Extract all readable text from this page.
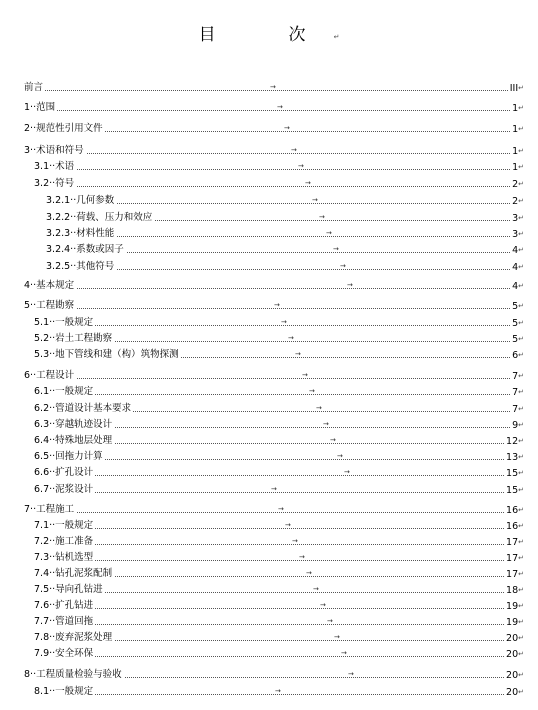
目　次↵
前言	III↵
→
1··范围	1↵
→
2··规范性引用文件	1↵
→
3··术语和符号	1↵
→
3.1··术语	1↵
→
3.2··符号	2↵
→
3.2.1··几何参数	2↵
→
3.2.2··荷载、压力和效应	3↵
→
3.2.3··材料性能	3↵
→
3.2.4··系数或因子	4↵
→
3.2.5··其他符号	4↵
→
4··基本规定	4↵
→
5··工程勘察	5↵
→
5.1··一般规定	5↵
→
5.2··岩土工程勘察	5↵
→
5.3··地下管线和建（构）筑物探测	6↵
→
6··工程设计	7↵
→
6.1··一般规定	7↵
→
6.2··管道设计基本要求	7↵
→
6.3··穿越轨迹设计	9↵
→
6.4··特殊地层处理	12↵
→
6.5··回拖力计算	13↵
→
6.6··扩孔设计	15↵
→
6.7··泥浆设计	15↵
→
7··工程施工	16↵
→
7.1··一般规定	16↵
→
7.2··施工准备	17↵
→
7.3··钻机选型	17↵
→
7.4··钻孔泥浆配制	17↵
→
7.5··导向孔钻进	18↵
→
7.6··扩孔钻进	19↵
→
7.7··管道回拖	19↵
→
7.8··废弃泥浆处理	20↵
→
7.9··安全环保	20↵
→
8··工程质量检验与验收	20↵
→
8.1··一般规定	20↵
→
